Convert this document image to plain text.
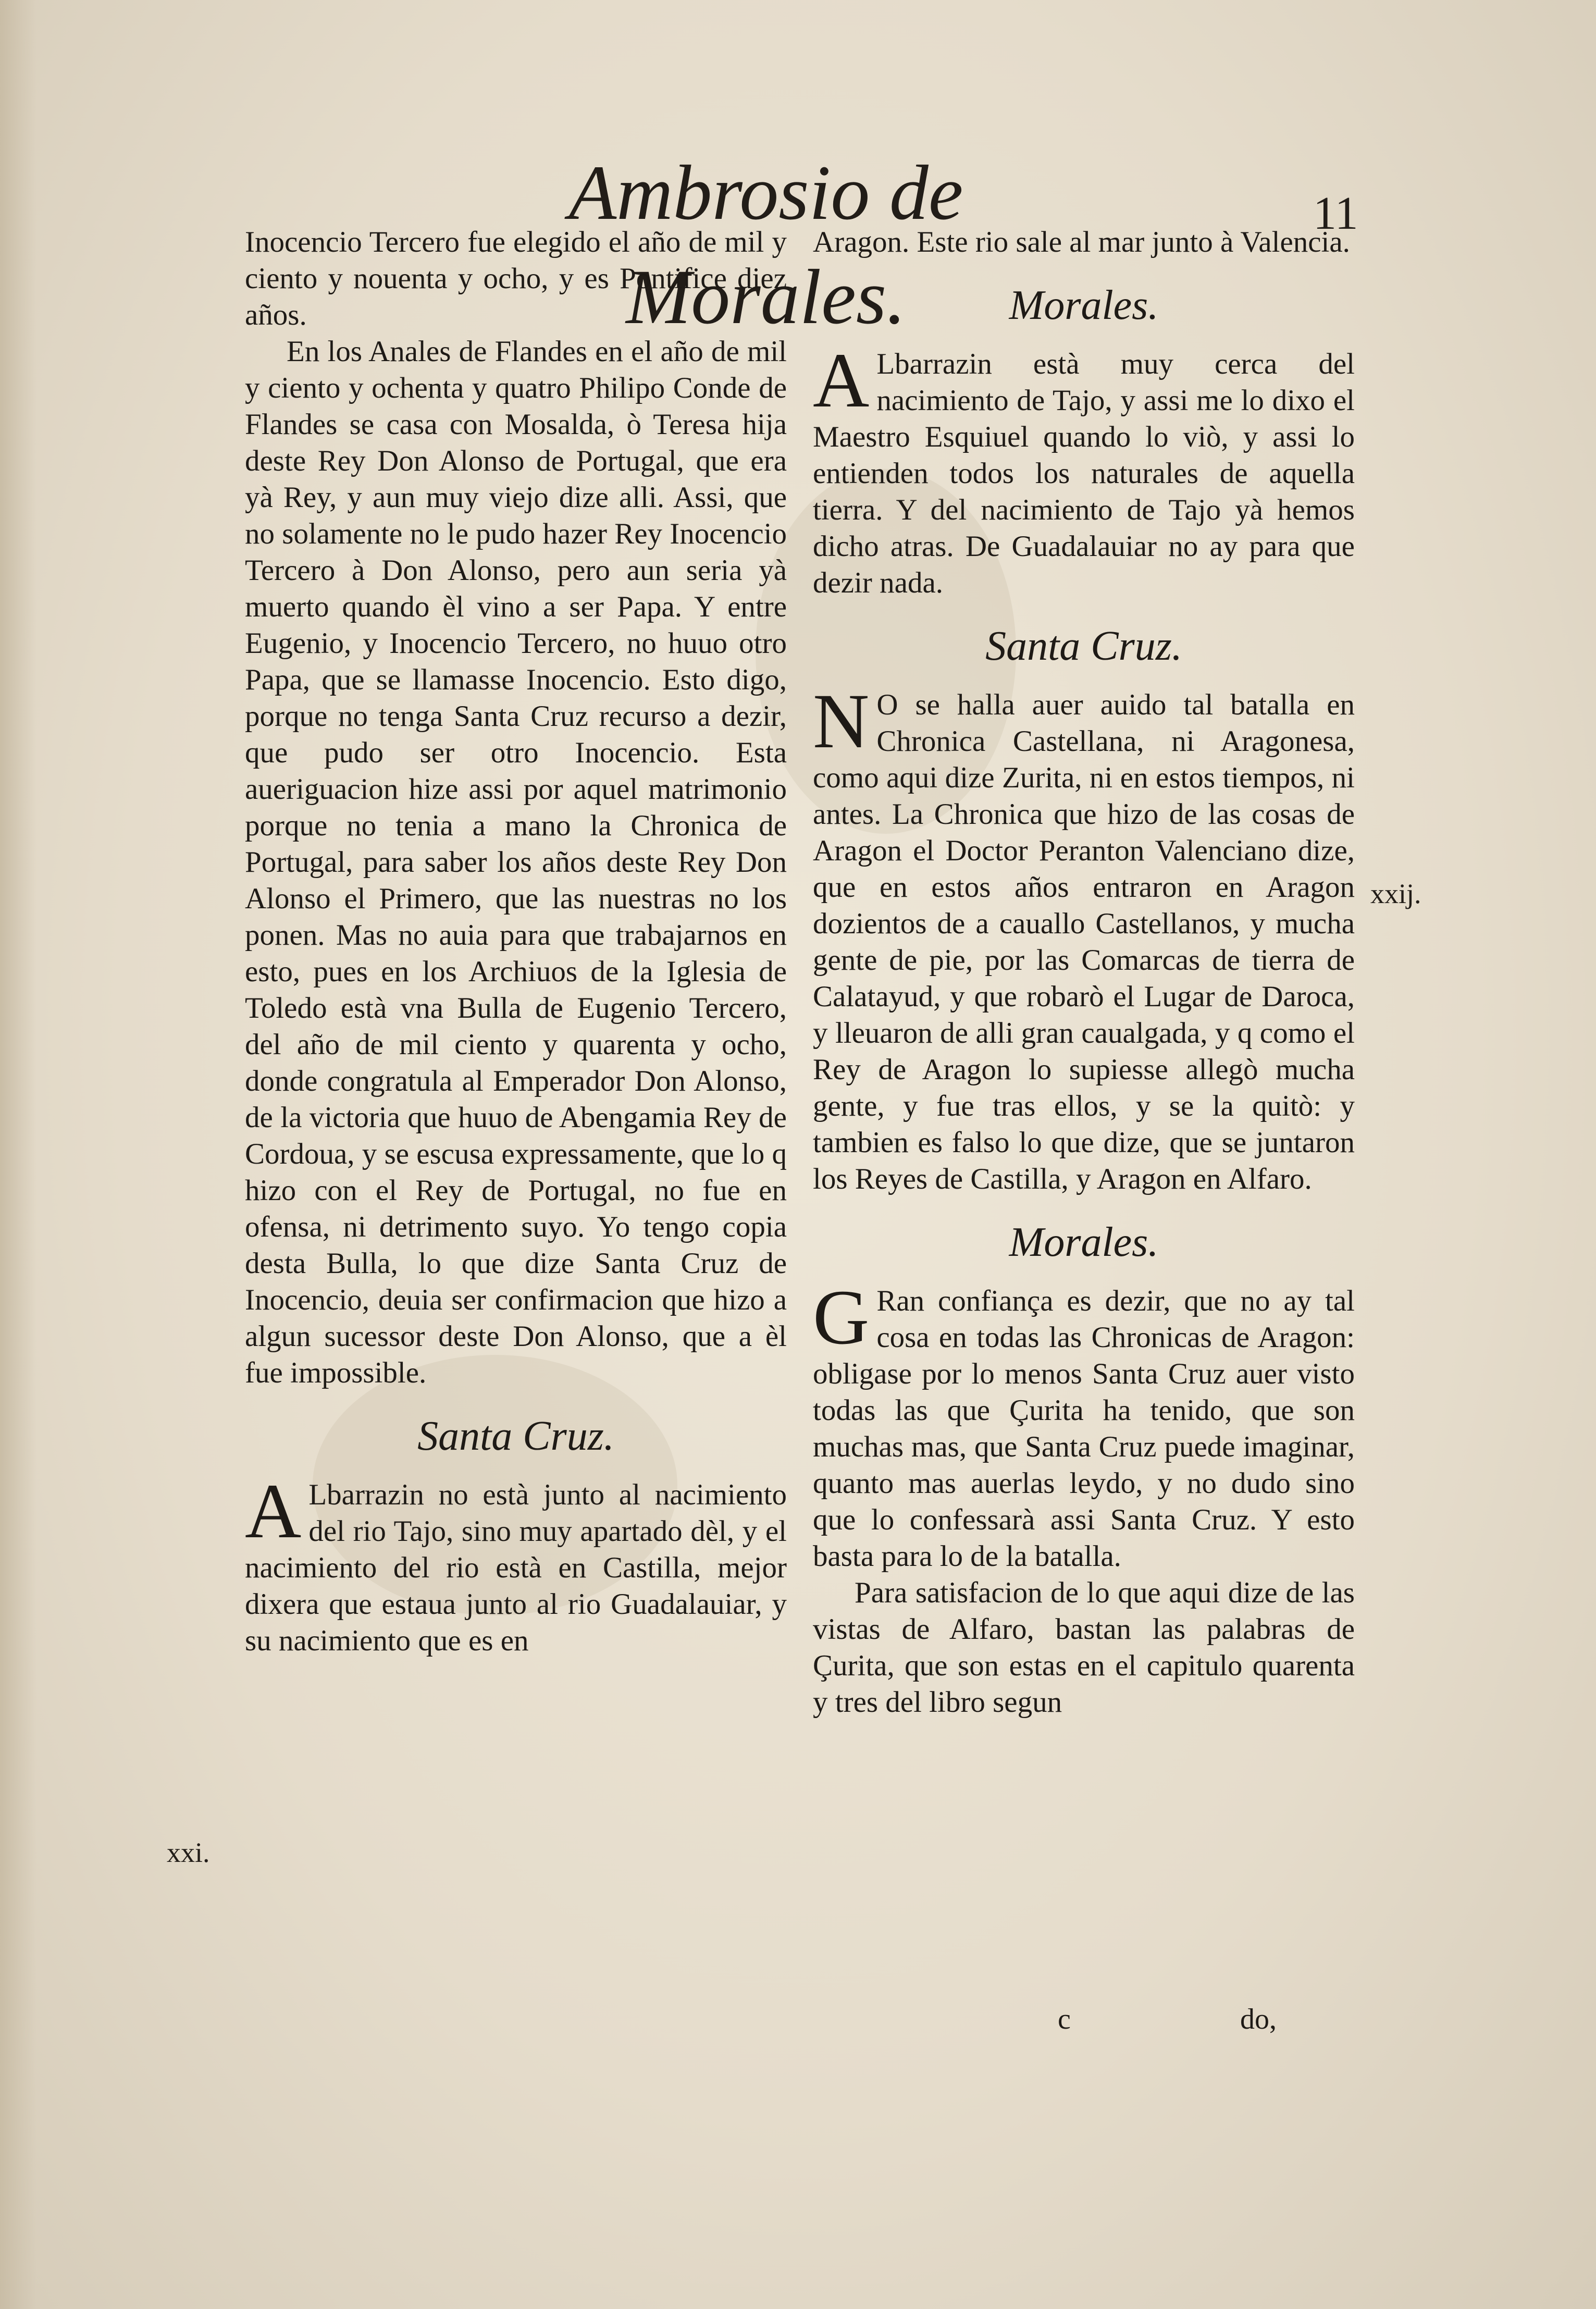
Ambrosio de Morales.
11

Inocencio Tercero fue elegido el año de mil y ciento y nouenta y ocho, y es Pontifice diez años.

En los Anales de Flandes en el año de mil y ciento y ochenta y quatro Philipo Conde de Flandes se casa con Mosalda, ò Teresa hija deste Rey Don Alonso de Portugal, que era yà Rey, y aun muy viejo dize alli. Assi, que no solamente no le pudo hazer Rey Inocencio Tercero à Don Alonso, pero aun seria yà muerto quando èl vino a ser Papa. Y entre Eugenio, y Inocencio Tercero, no huuo otro Papa, que se llamasse Inocencio. Esto digo, porque no tenga Santa Cruz recurso a dezir, que pudo ser otro Inocencio. Esta aueriguacion hize assi por aquel matrimonio porque no tenia a mano la Chronica de Portugal, para saber los años deste Rey Don Alonso el Primero, que las nuestras no los ponen. Mas no auia para que trabajarnos en esto, pues en los Archiuos de la Iglesia de Toledo està vna Bulla de Eugenio Tercero, del año de mil ciento y quarenta y ocho, donde congratula al Emperador Don Alonso, de la victoria que huuo de Abengamia Rey de Cordoua, y se escusa expressamente, que lo q hizo con el Rey de Portugal, no fue en ofensa, ni detrimento suyo. Yo tengo copia desta Bulla, lo que dize Santa Cruz de Inocencio, deuia ser confirmacion que hizo a algun sucessor deste Don Alonso, que a èl fue impossible.

Santa Cruz.

A Lbarrazin no està junto al nacimiento del rio Tajo, sino muy apartado dèl, y el nacimiento del rio està en Castilla, mejor dixera que estaua junto al rio Guadalauiar, y su nacimiento que es en

Aragon. Este rio sale al mar junto à Valencia.

Morales.

A Lbarrazin està muy cerca del nacimiento de Tajo, y assi me lo dixo el Maestro Esquiuel quando lo viò, y assi lo entienden todos los naturales de aquella tierra. Y del nacimiento de Tajo yà hemos dicho atras. De Guadalauiar no ay para que dezir nada.

Santa Cruz.

N O se halla auer auido tal batalla en Chronica Castellana, ni Aragonesa, como aqui dize Zurita, ni en estos tiempos, ni antes. La Chronica que hizo de las cosas de Aragon el Doctor Peranton Valenciano dize, que en estos años entraron en Aragon dozientos de a cauallo Castellanos, y mucha gente de pie, por las Comarcas de tierra de Calatayud, y que robarò el Lugar de Daroca, y lleuaron de alli gran caualgada, y q como el Rey de Aragon lo supiesse allegò mucha gente, y fue tras ellos, y se la quitò: y tambien es falso lo que dize, que se juntaron los Reyes de Castilla, y Aragon en Alfaro.

Morales.

G Ran confiança es dezir, que no ay tal cosa en todas las Chronicas de Aragon: obligase por lo menos Santa Cruz auer visto todas las que Çurita ha tenido, que son muchas mas, que Santa Cruz puede imaginar, quanto mas auerlas leydo, y no dudo sino que lo confessarà assi Santa Cruz. Y esto basta para lo de la batalla.

Para satisfacion de lo que aqui dize de las vistas de Alfaro, bastan las palabras de Çurita, que son estas en el capitulo quarenta y tres del libro segun

xxi.
xxij.
c	do,
